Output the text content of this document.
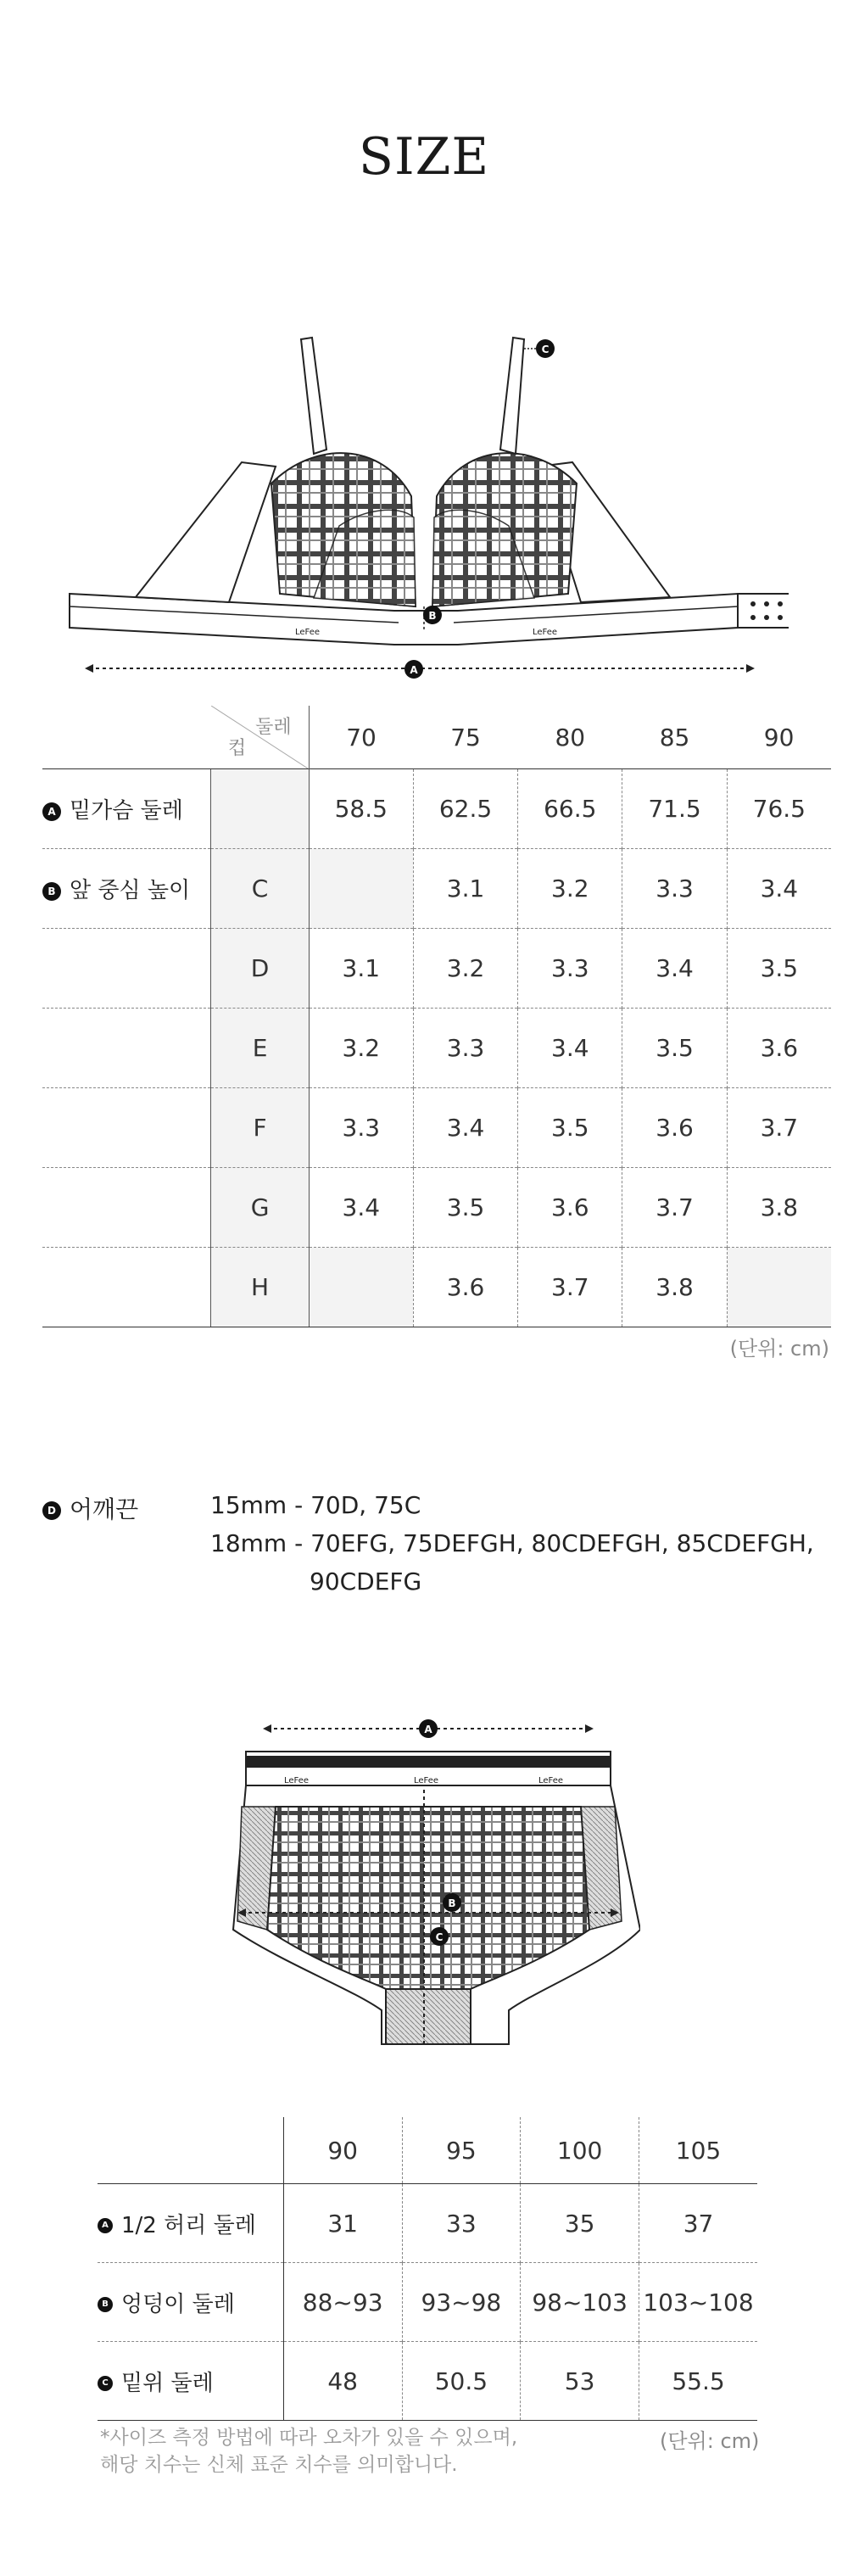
SIZE
A
B
C
LeFee	LeFee

	둘레
컵	70	75	80	85	90
A 밑가슴 둘레		58.5	62.5	66.5	71.5	76.5
B 앞 중심 높이	C		3.1	3.2	3.3	3.4
	D	3.1	3.2	3.3	3.4	3.5
	E	3.2	3.3	3.4	3.5	3.6
	F	3.3	3.4	3.5	3.6	3.7
	G	3.4	3.5	3.6	3.7	3.8
	H		3.6	3.7	3.8	
(단위: cm)
D 어깨끈	15mm - 70D, 75C
18mm - 70EFG, 75DEFGH, 80CDEFGH, 85CDEFGH,
90CDEFG
LeFee	LeFee	LeFee
A
B
C
	90	95	100	105
A 1/2 허리 둘레	31	33	35	37
B 엉덩이 둘레	88~93	93~98	98~103	103~108
C 밑위 둘레	48	50.5	53	55.5
*사이즈 측정 방법에 따라 오차가 있을 수 있으며,
해당 치수는 신체 표준 치수를 의미합니다.
(단위: cm)
